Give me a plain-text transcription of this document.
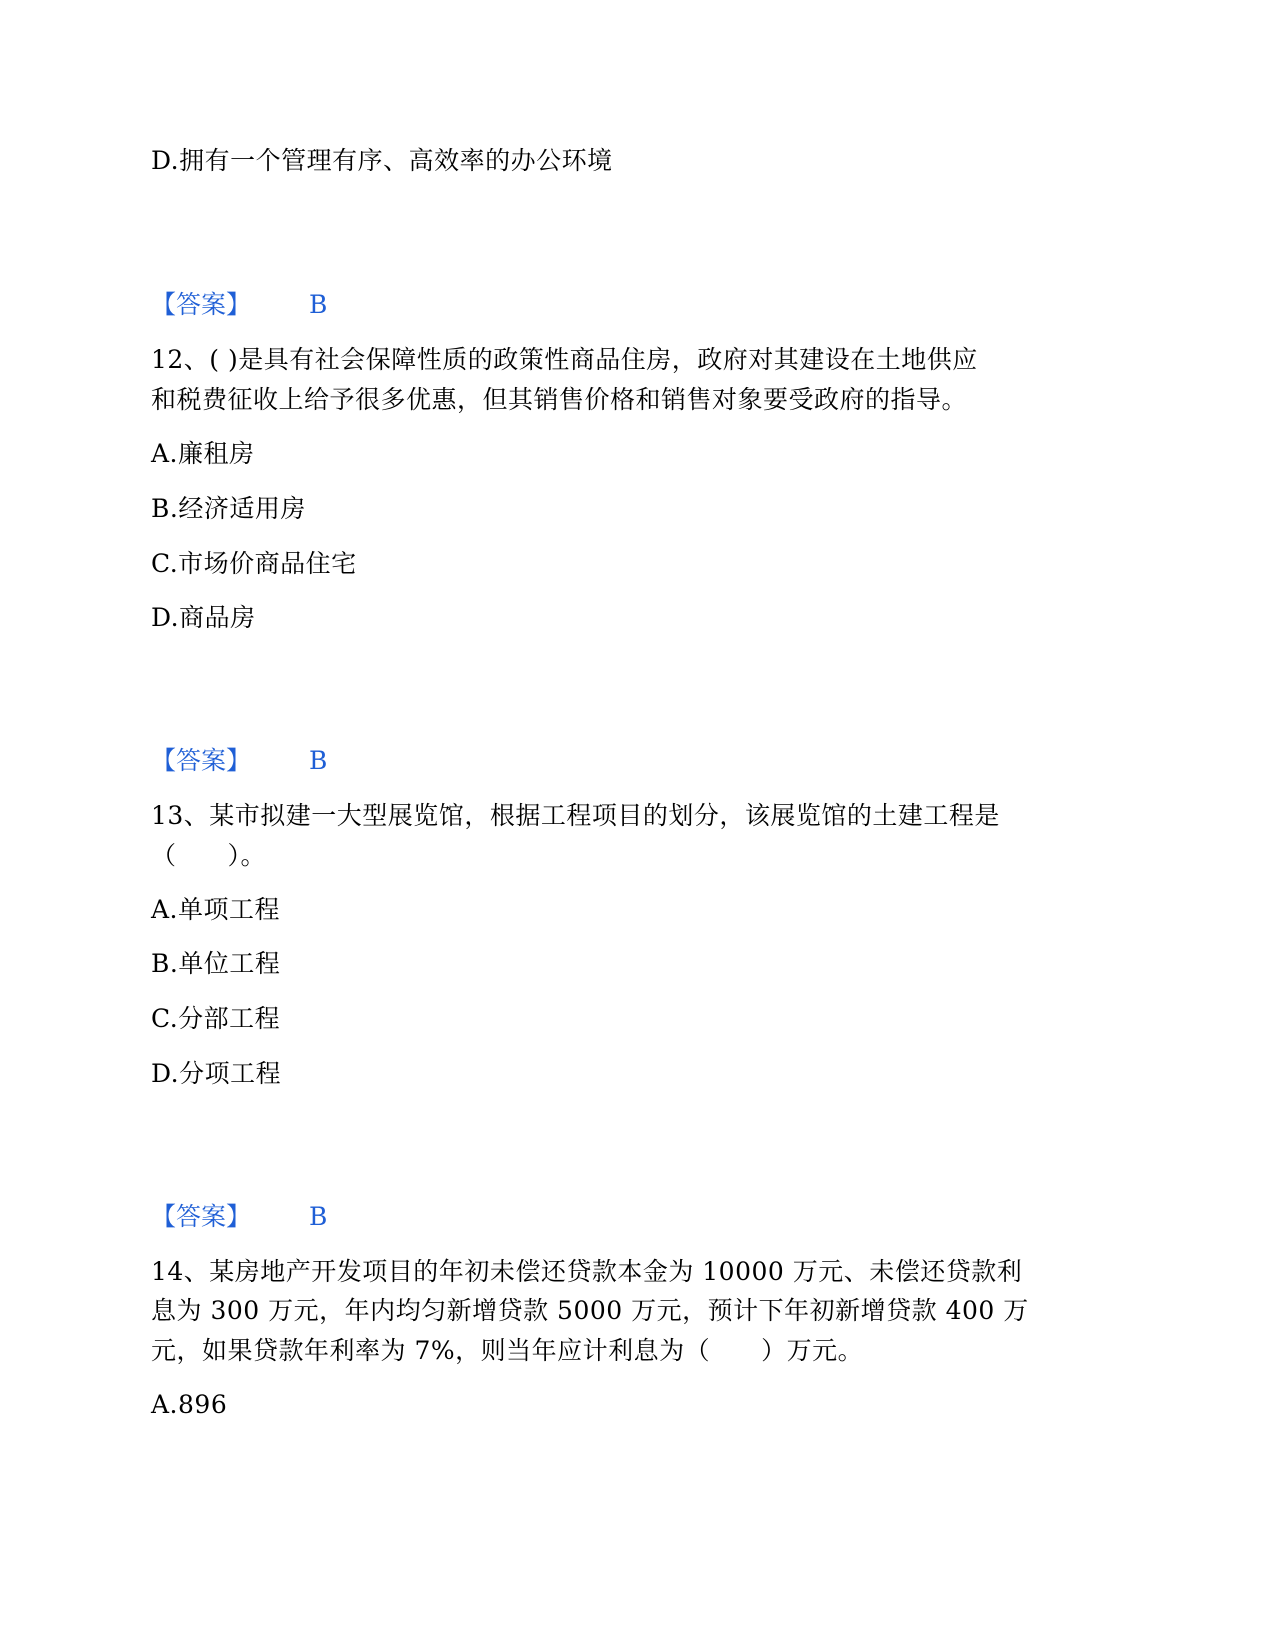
D.拥有一个管理有序、高效率的办公环境
【答案】 B
12、( )是具有社会保障性质的政策性商品住房，政府对其建设在土地供应
和税费征收上给予很多优惠，但其销售价格和销售对象要受政府的指导。
A.廉租房
B.经济适用房
C.市场价商品住宅
D.商品房
【答案】 B
13、某市拟建一大型展览馆，根据工程项目的划分，该展览馆的土建工程是
（　　）。
A.单项工程
B.单位工程
C.分部工程
D.分项工程
【答案】 B
14、某房地产开发项目的年初未偿还贷款本金为 10000 万元、未偿还贷款利
息为 300 万元，年内均匀新增贷款 5000 万元，预计下年初新增贷款 400 万
元，如果贷款年利率为 7%，则当年应计利息为（　　）万元。
A.896
